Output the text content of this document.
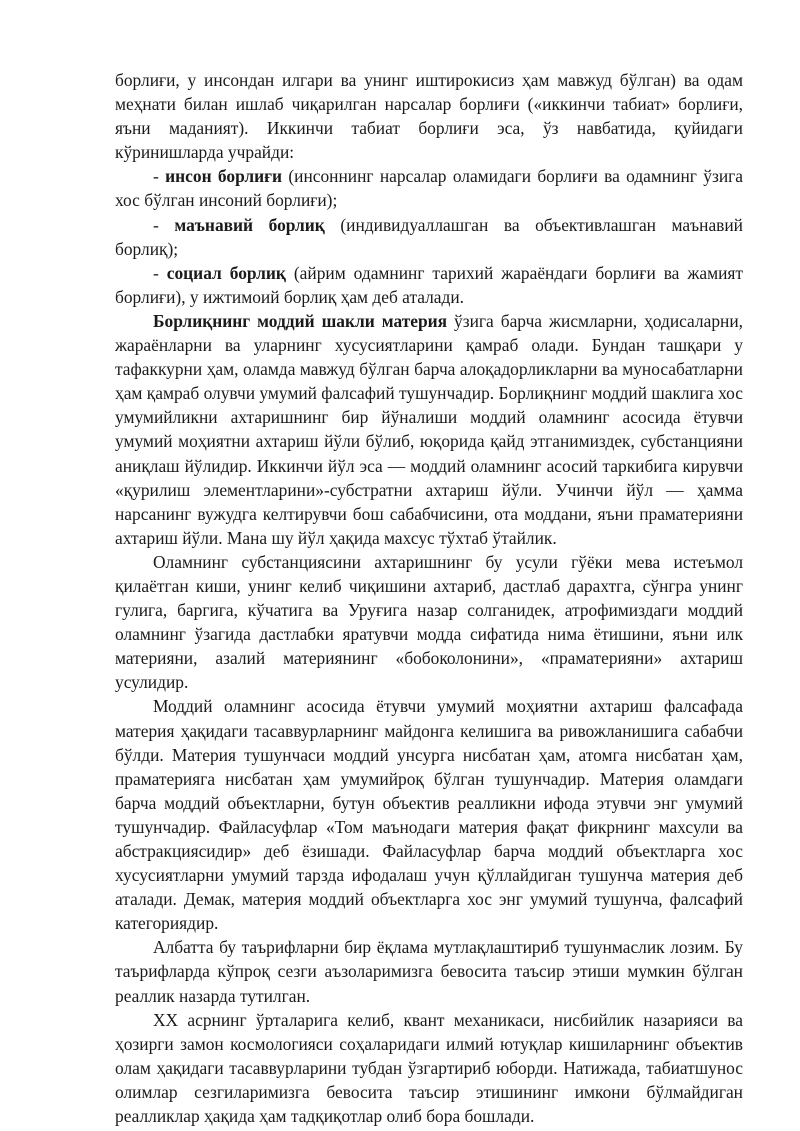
борлиғи, у инсондан илгари ва унинг иштирокисиз ҳам мавжуд бўлган) ва одам меҳнати билан ишлаб чиқарилган нарсалар борлиғи («иккинчи табиат» борлиғи, яъни маданият). Иккинчи табиат борлиғи эса, ўз навбатида, қуйидаги кўринишларда учрайди:

- инсон борлиғи (инсоннинг нарсалар оламидаги борлиғи ва одамнинг ўзига хос бўлган инсоний борлиғи);

- маънавий борлиқ (индивидуаллашган ва объективлашган маънавий борлиқ);

- социал борлиқ (айрим одамнинг тарихий жараёндаги борлиғи ва жамият борлиғи), у ижтимоий борлиқ ҳам деб аталади.

Борлиқнинг моддий шакли материя ўзига барча жисмларни, ҳодисаларни, жараёнларни ва уларнинг хусусиятларини қамраб олади. Бундан ташқари у тафаккурни ҳам, оламда мавжуд бўлган барча алоқадорликларни ва муносабатларни ҳам қамраб олувчи умумий фалсафий тушунчадир. Борлиқнинг моддий шаклига хос умумийликни ахтаришнинг бир йўналиши моддий оламнинг асосида ётувчи умумий моҳиятни ахтариш йўли бўлиб, юқорида қайд этганимиздек, субстанцияни аниқлаш йўлидир. Иккинчи йўл эса — моддий оламнинг асосий таркибига кирувчи «қурилиш элементларини»-субстратни ахтариш йўли. Учинчи йўл — ҳамма нарсанинг вужудга келтирувчи бош сабабчисини, ота моддани, яъни праматерияни ахтариш йўли. Мана шу йўл ҳақида махсус тўхтаб ўтайлик.

Оламнинг субстанциясини ахтаришнинг бу усули гўёки мева истеъмол қилаётган киши, унинг келиб чиқишини ахтариб, дастлаб дарахтга, сўнгра унинг гулига, баргига, кўчатига ва Уруғига назар солганидек, атрофимиздаги моддий оламнинг ўзагида дастлабки яратувчи модда сифатида нима ётишини, яъни илк материяни, азалий материянинг «бобоколонини», «праматерияни» ахтариш усулидир.

Моддий оламнинг асосида ётувчи умумий моҳиятни ахтариш фалсафада материя ҳақидаги тасаввурларнинг майдонга келишига ва ривожланишига сабабчи бўлди. Материя тушунчаси моддий унсурга нисбатан ҳам, атомга нисбатан ҳам, праматерияга нисбатан ҳам умумийроқ бўлган тушунчадир. Материя оламдаги барча моддий объектларни, бутун объектив реалликни ифода этувчи энг умумий тушунчадир. Файласуфлар «Том маънодаги материя фақат фикрнинг махсули ва абстракциясидир» деб ёзишади. Файласуфлар барча моддий объектларга хос хусусиятларни умумий тарзда ифодалаш учун қўллайдиган тушунча материя деб аталади. Демак, материя моддий объектларга хос энг умумий тушунча, фалсафий категориядир.

Албатта бу таърифларни бир ёқлама мутлақлаштириб тушунмаслик лозим. Бу таърифларда кўпроқ сезги аъзоларимизга бевосита таъсир этиши мумкин бўлган реаллик назарда тутилган.

XX асрнинг ўрталарига келиб, квант механикаси, нисбийлик назарияси ва ҳозирги замон космологияси соҳаларидаги илмий ютуқлар кишиларнинг объектив олам ҳақидаги тасаввурларини тубдан ўзгартириб юборди. Натижада, табиатшунос олимлар сезгиларимизга бевосита таъсир этишининг имкони бўлмайдиган реалликлар ҳақида ҳам тадқиқотлар олиб бора бошлади.
